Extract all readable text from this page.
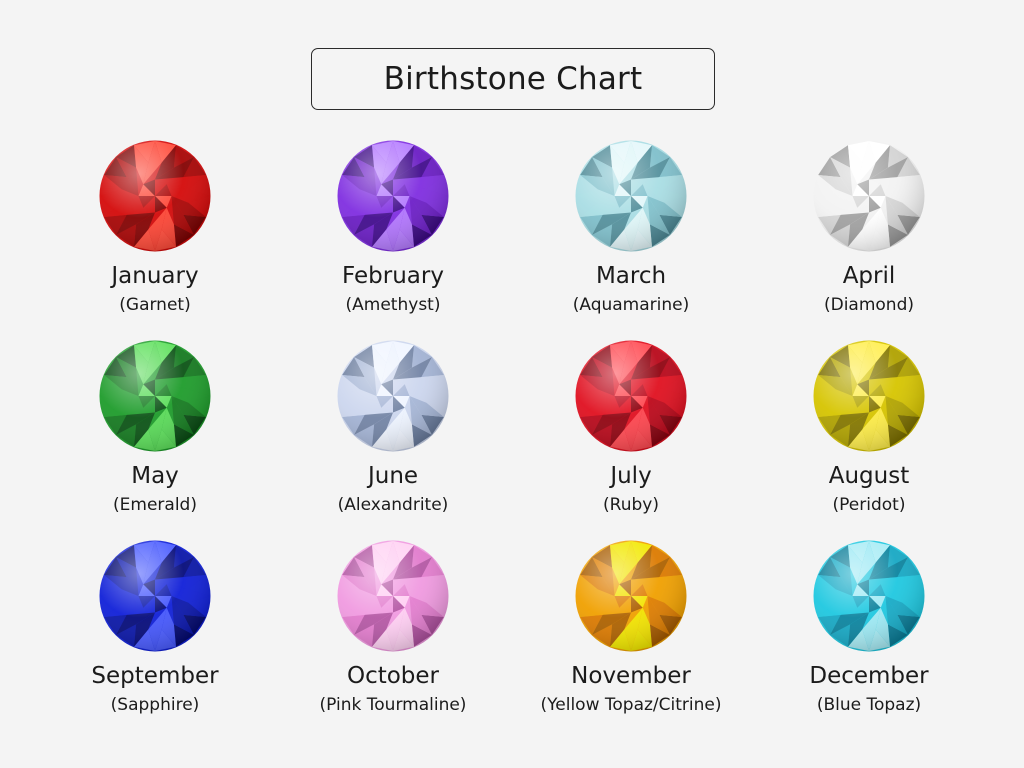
Birthstone Chart
January
(Garnet)
February
(Amethyst)
March
(Aquamarine)
April
(Diamond)
May
(Emerald)
June
(Alexandrite)
July
(Ruby)
August
(Peridot)
September
(Sapphire)
October
(Pink Tourmaline)
November
(Yellow Topaz/Citrine)
December
(Blue Topaz)
